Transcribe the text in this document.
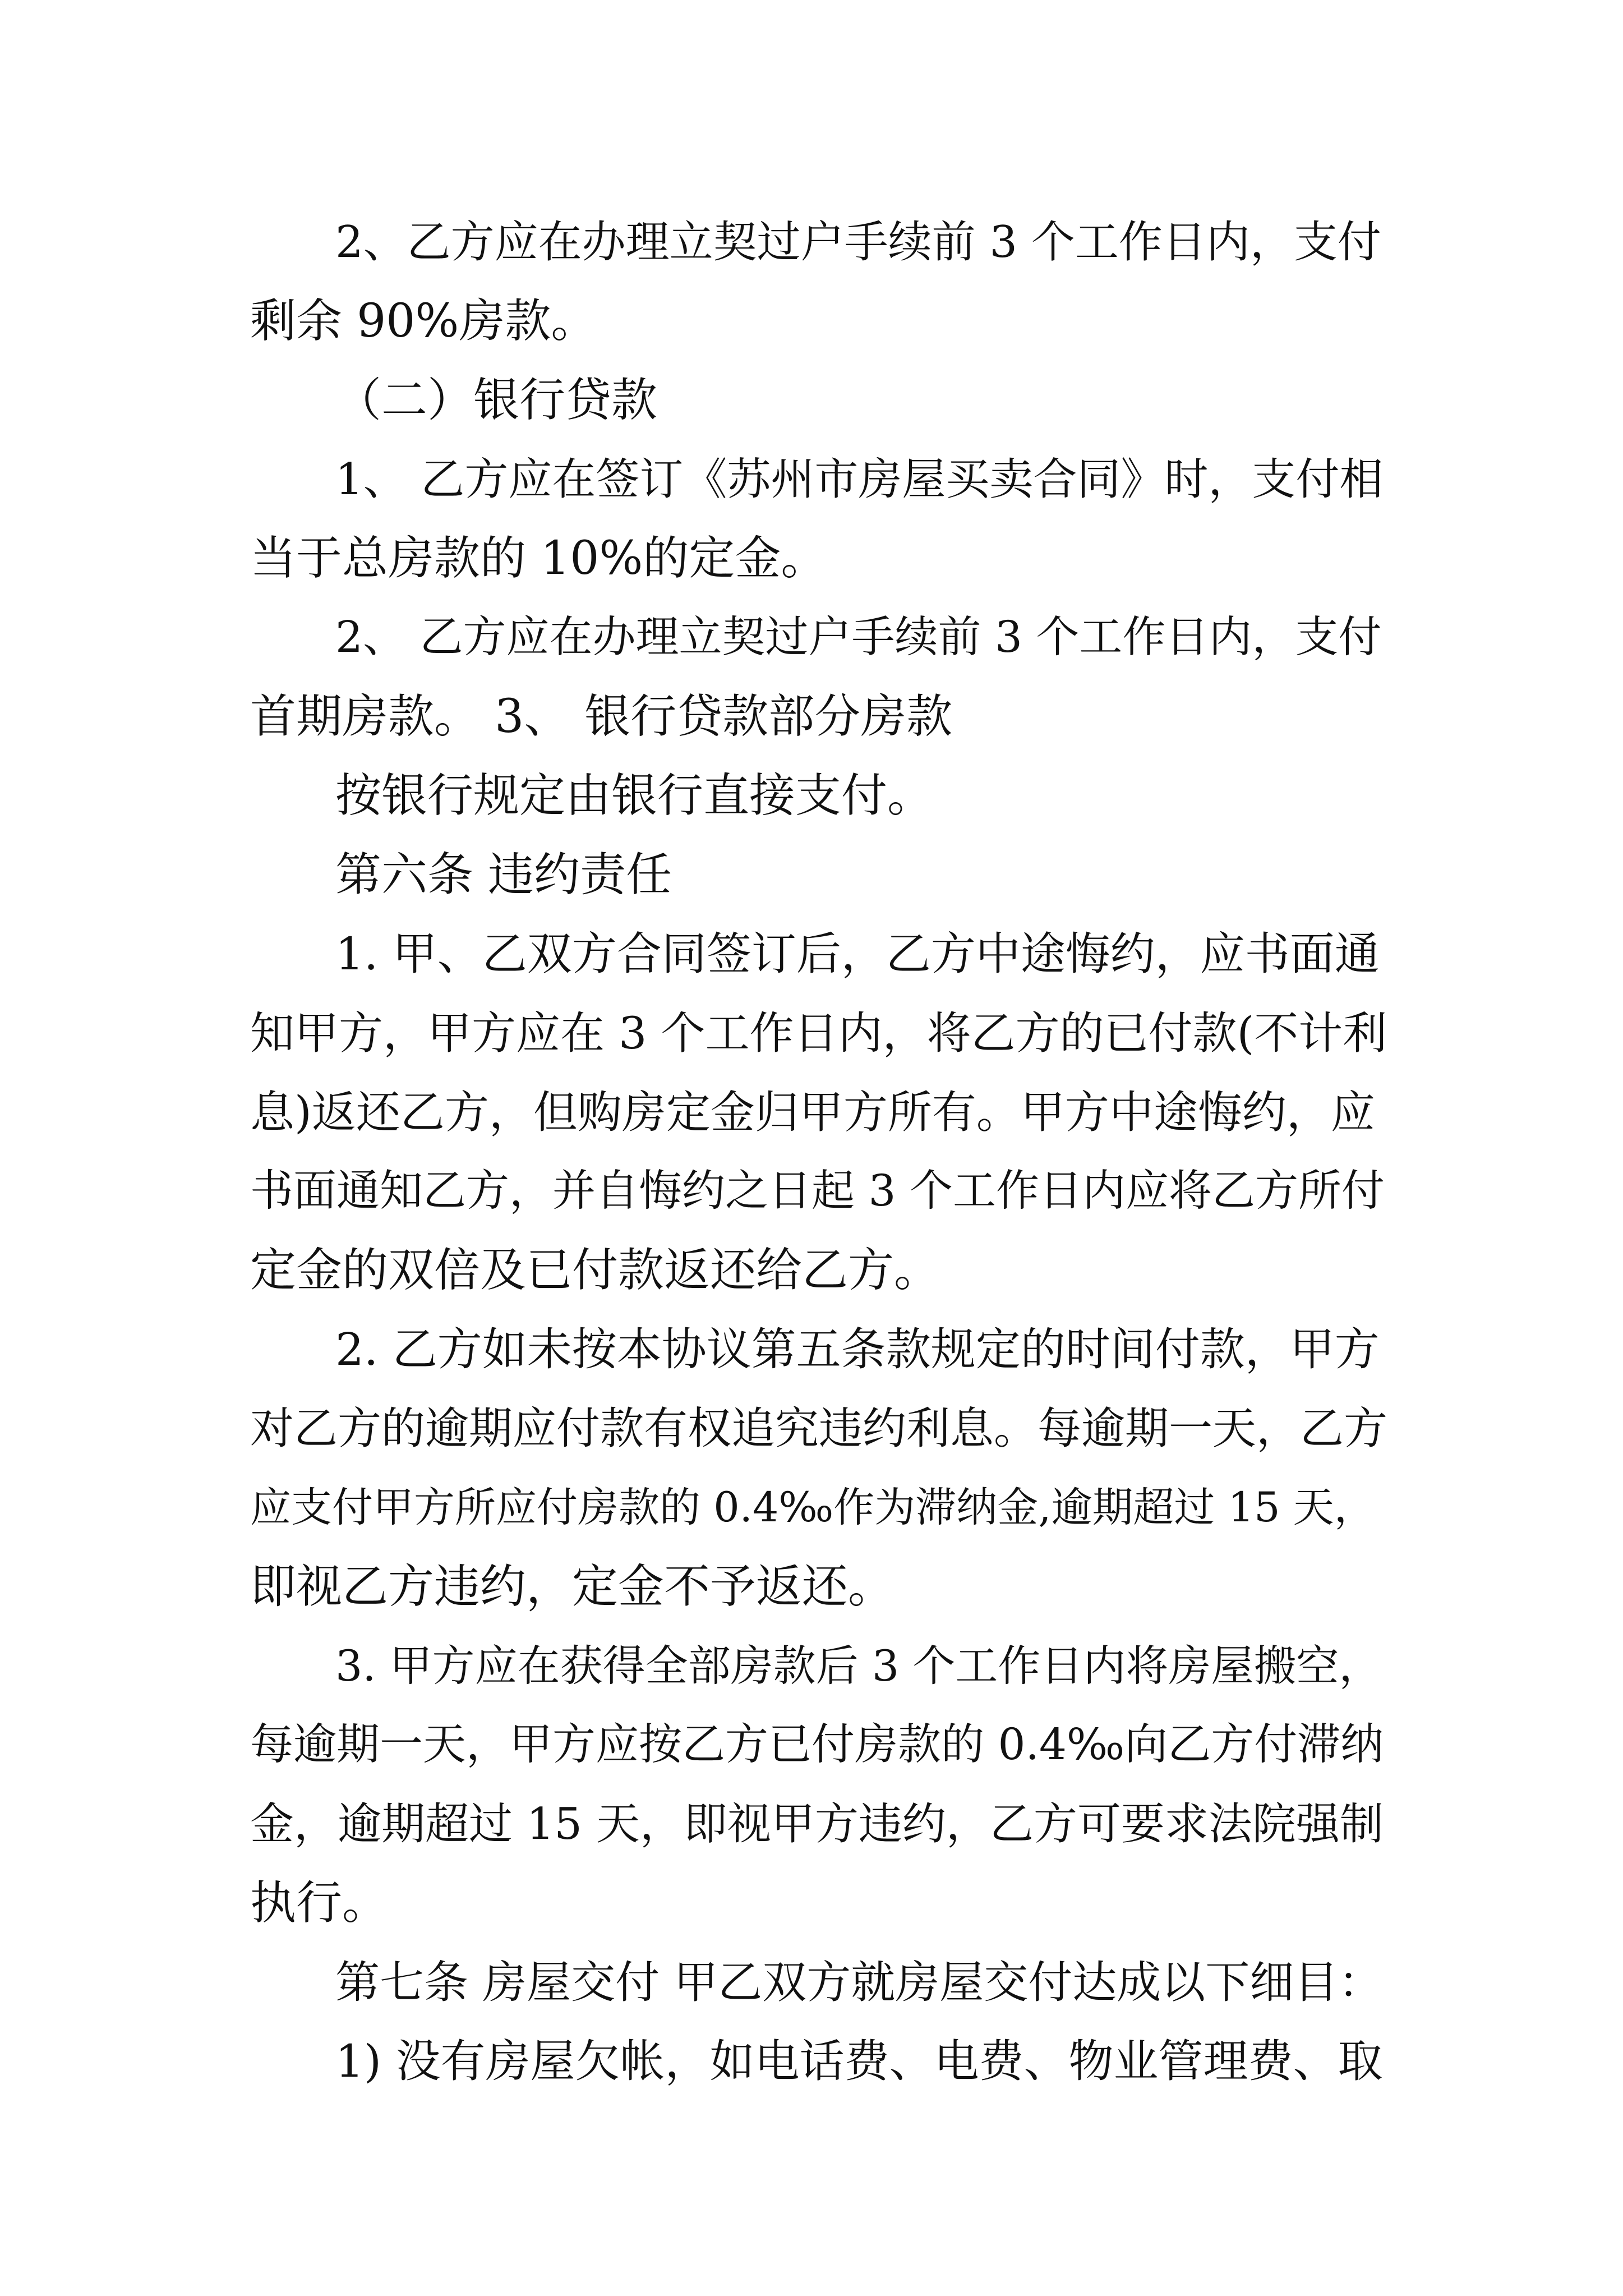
2、乙方应在办理立契过户手续前 3 个工作日内，支付
剩余 90%房款。
（二）银行贷款
1、 乙方应在签订《苏州市房屋买卖合同》时，支付相
当于总房款的 10%的定金。
2、 乙方应在办理立契过户手续前 3 个工作日内，支付
首期房款。 3、 银行贷款部分房款
按银行规定由银行直接支付。
第六条 违约责任
1. 甲、乙双方合同签订后，乙方中途悔约，应书面通
知甲方，甲方应在 3 个工作日内，将乙方的已付款(不计利
息)返还乙方，但购房定金归甲方所有。甲方中途悔约，应
书面通知乙方，并自悔约之日起 3 个工作日内应将乙方所付
定金的双倍及已付款返还给乙方。
2. 乙方如未按本协议第五条款规定的时间付款，甲方
对乙方的逾期应付款有权追究违约利息。每逾期一天，乙方
应支付甲方所应付房款的 0.4‰作为滞纳金,逾期超过 15 天，
即视乙方违约，定金不予返还。
3. 甲方应在获得全部房款后 3 个工作日内将房屋搬空，
每逾期一天，甲方应按乙方已付房款的 0.4‰向乙方付滞纳
金，逾期超过 15 天，即视甲方违约，乙方可要求法院强制
执行。
第七条 房屋交付 甲乙双方就房屋交付达成以下细目：
1) 没有房屋欠帐，如电话费、电费、物业管理费、取
